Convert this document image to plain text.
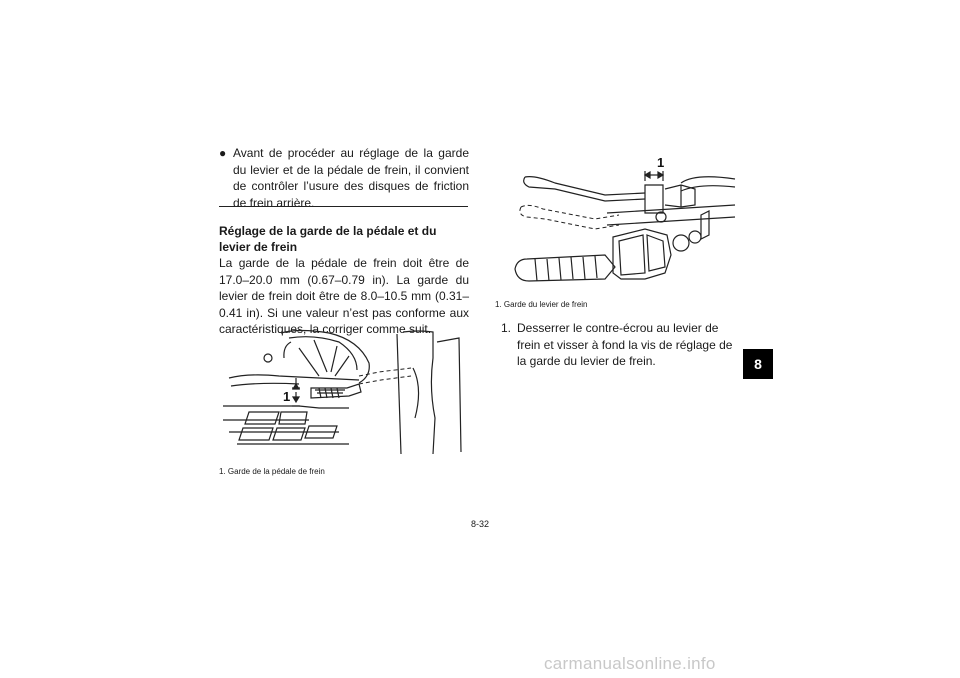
● Avant de procéder au réglage de la garde du levier et de la pédale de frein, il convient de contrôler l’usure des disques de friction de frein arrière.
Réglage de la garde de la pédale et du levier de frein
La garde de la pédale de frein doit être de 17.0–20.0 mm (0.67–0.79 in). La garde du levier de frein doit être de 8.0–10.5 mm (0.31–0.41 in). Si une valeur n’est pas conforme aux caractéristiques, la corriger comme suit.
1
1. Garde de la pédale de frein
1
1. Garde du levier de frein
1. Desserrer le contre-écrou au levier de frein et visser à fond la vis de réglage de la garde du levier de frein.	8
8-32
carmanualsonline.info
